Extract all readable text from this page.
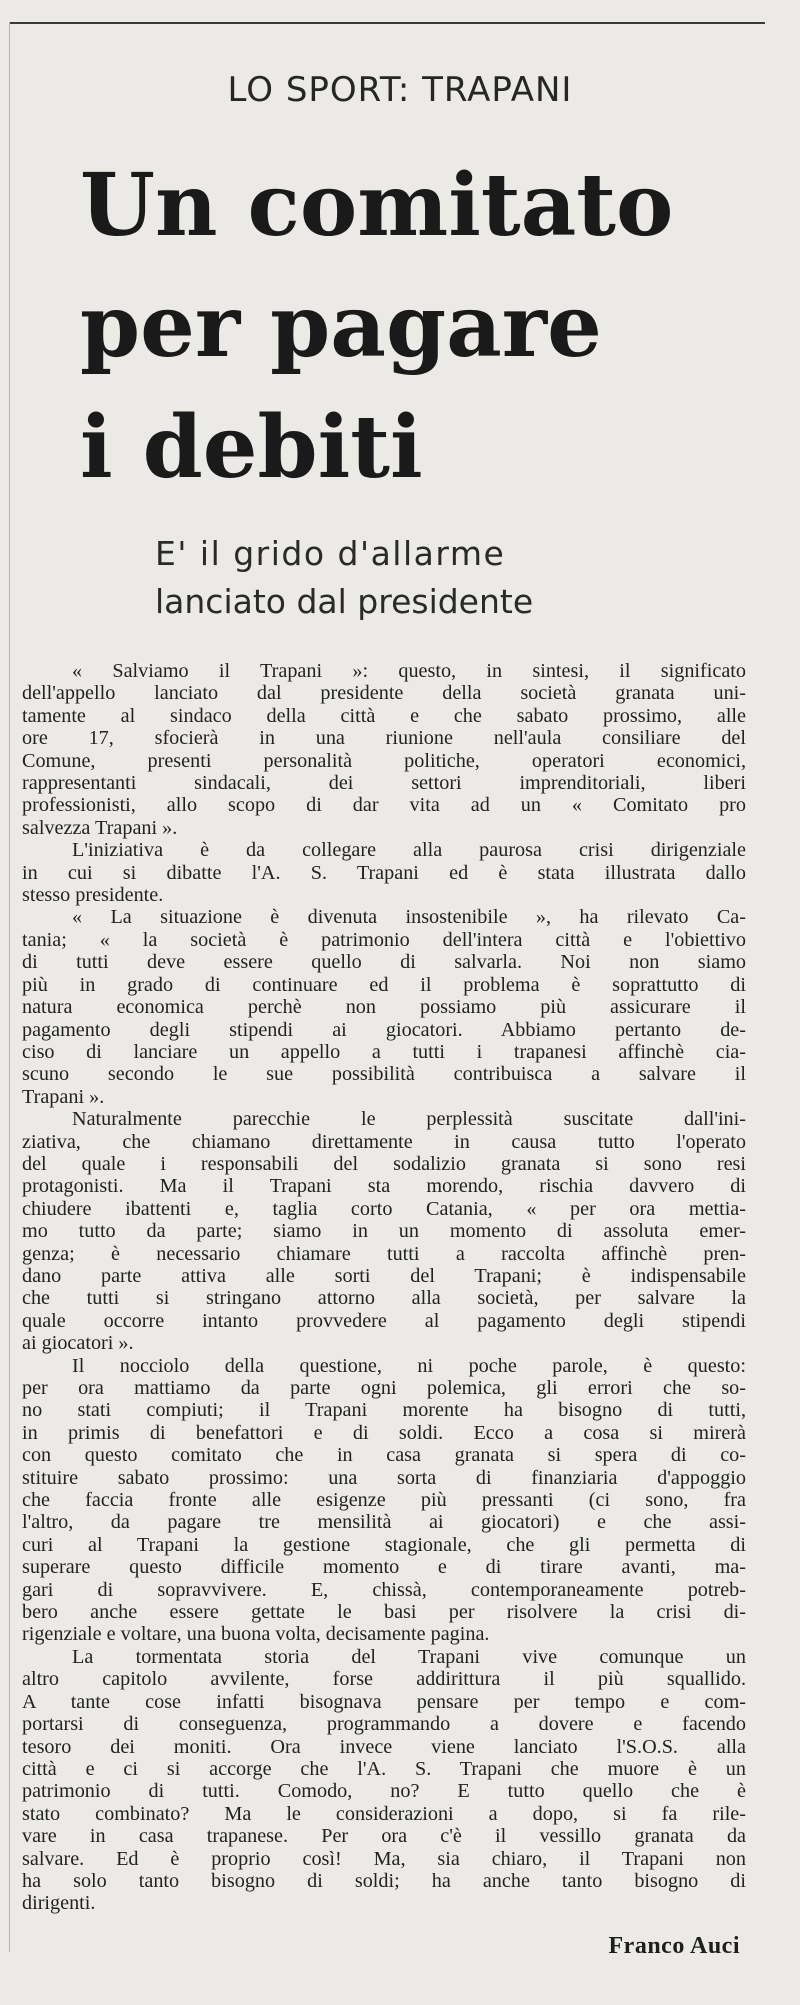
LO SPORT: TRAPANI
Un comitato
per pagare
i debiti
E' il grido d'allarme
lanciato dal presidente
« Salviamo il Trapani »: questo, in sintesi, il significato
dell'appello lanciato dal presidente della società granata uni-
tamente al sindaco della città e che sabato prossimo, alle
ore 17, sfocierà in una riunione nell'aula consiliare del
Comune, presenti personalità politiche, operatori economici,
rappresentanti sindacali, dei settori imprenditoriali, liberi
professionisti, allo scopo di dar vita ad un « Comitato pro
salvezza Trapani ».
L'iniziativa è da collegare alla paurosa crisi dirigenziale
in cui si dibatte l'A. S. Trapani ed è stata illustrata dallo
stesso presidente.
« La situazione è divenuta insostenibile », ha rilevato Ca-
tania; « la società è patrimonio dell'intera città e l'obiettivo
di tutti deve essere quello di salvarla. Noi non siamo
più in grado di continuare ed il problema è soprattutto di
natura economica perchè non possiamo più assicurare il
pagamento degli stipendi ai giocatori. Abbiamo pertanto de-
ciso di lanciare un appello a tutti i trapanesi affinchè cia-
scuno secondo le sue possibilità contribuisca a salvare il
Trapani ».
Naturalmente parecchie le perplessità suscitate dall'ini-
ziativa, che chiamano direttamente in causa tutto l'operato
del quale i responsabili del sodalizio granata si sono resi
protagonisti. Ma il Trapani sta morendo, rischia davvero di
chiudere ibattenti e, taglia corto Catania, « per ora mettia-
mo tutto da parte; siamo in un momento di assoluta emer-
genza; è necessario chiamare tutti a raccolta affinchè pren-
dano parte attiva alle sorti del Trapani; è indispensabile
che tutti si stringano attorno alla società, per salvare la
quale occorre intanto provvedere al pagamento degli stipendi
ai giocatori ».
Il nocciolo della questione, ni poche parole, è questo:
per ora mattiamo da parte ogni polemica, gli errori che so-
no stati compiuti; il Trapani morente ha bisogno di tutti,
in primis di benefattori e di soldi. Ecco a cosa si mirerà
con questo comitato che in casa granata si spera di co-
stituire sabato prossimo: una sorta di finanziaria d'appoggio
che faccia fronte alle esigenze più pressanti (ci sono, fra
l'altro, da pagare tre mensilità ai giocatori) e che assi-
curi al Trapani la gestione stagionale, che gli permetta di
superare questo difficile momento e di tirare avanti, ma-
gari di sopravvivere. E, chissà, contemporaneamente potreb-
bero anche essere gettate le basi per risolvere la crisi di-
rigenziale e voltare, una buona volta, decisamente pagina.
La tormentata storia del Trapani vive comunque un
altro capitolo avvilente, forse addirittura il più squallido.
A tante cose infatti bisognava pensare per tempo e com-
portarsi di conseguenza, programmando a dovere e facendo
tesoro dei moniti. Ora invece viene lanciato l'S.O.S. alla
città e ci si accorge che l'A. S. Trapani che muore è un
patrimonio di tutti. Comodo, no? E tutto quello che è
stato combinato? Ma le considerazioni a dopo, si fa rile-
vare in casa trapanese. Per ora c'è il vessillo granata da
salvare. Ed è proprio così! Ma, sia chiaro, il Trapani non
ha solo tanto bisogno di soldi; ha anche tanto bisogno di
dirigenti.
Franco Auci
